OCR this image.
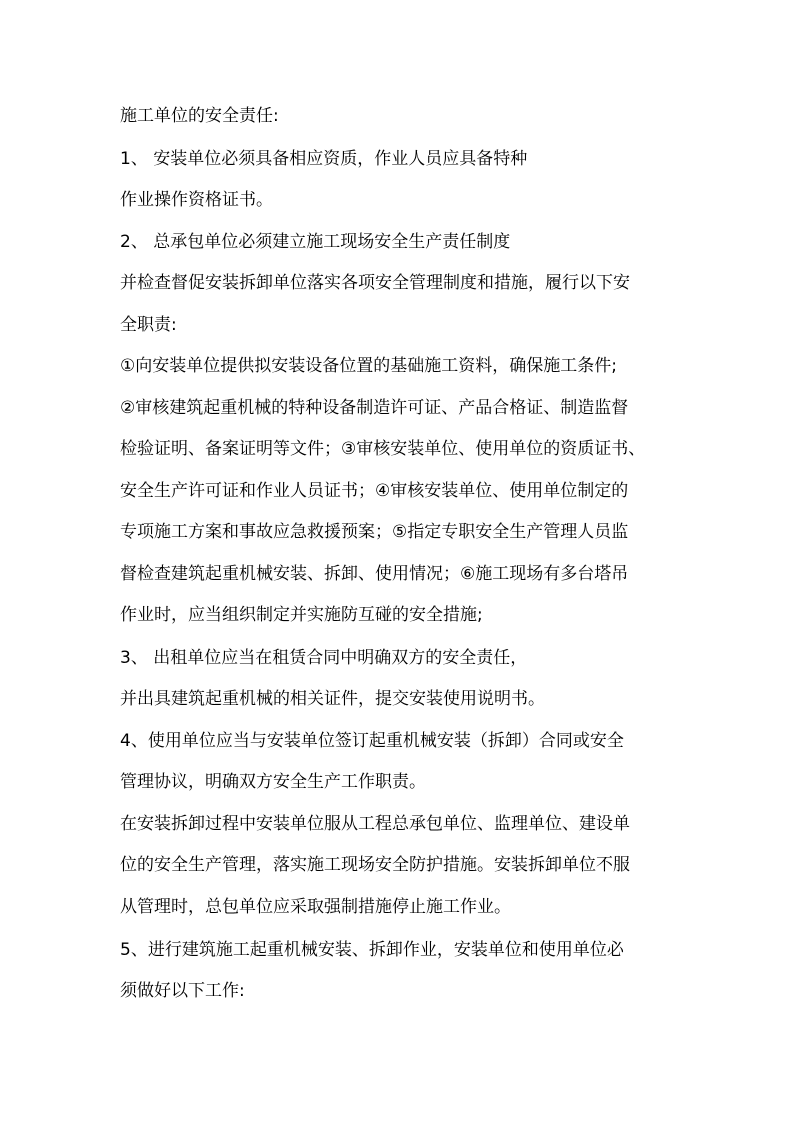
施工单位的安全责任:
1、 安装单位必须具备相应资质，作业人员应具备特种
作业操作资格证书。
2、 总承包单位必须建立施工现场安全生产责任制度
并检查督促安装拆卸单位落实各项安全管理制度和措施，履行以下安
全职责:
①向安装单位提供拟安装设备位置的基础施工资料，确保施工条件;
②审核建筑起重机械的特种设备制造许可证、产品合格证、制造监督
检验证明、备案证明等文件；③审核安装单位、使用单位的资质证书、
安全生产许可证和作业人员证书；④审核安装单位、使用单位制定的
专项施工方案和事故应急救援预案；⑤指定专职安全生产管理人员监
督检查建筑起重机械安装、拆卸、使用情况；⑥施工现场有多台塔吊
作业时，应当组织制定并实施防互碰的安全措施;
3、 出租单位应当在租赁合同中明确双方的安全责任，
并出具建筑起重机械的相关证件，提交安装使用说明书。
4、使用单位应当与安装单位签订起重机械安装（拆卸）合同或安全
管理协议，明确双方安全生产工作职责。
在安装拆卸过程中安装单位服从工程总承包单位、监理单位、建设单
位的安全生产管理，落实施工现场安全防护措施。安装拆卸单位不服
从管理时，总包单位应采取强制措施停止施工作业。
5、进行建筑施工起重机械安装、拆卸作业，安装单位和使用单位必
须做好以下工作:
